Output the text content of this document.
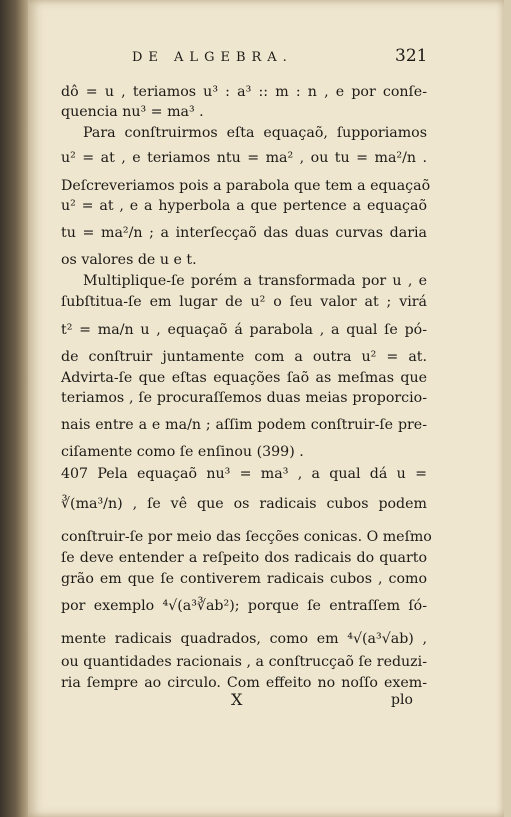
DE ALGEBRA.	321
dô = u , teriamos u³ : a³ :: m : n , e por conſe-
quencia nu³ = ma³ .
Para conſtruirmos eſta equaçaõ, ſupporiamos
u² = at , e teriamos ntu = ma² , ou tu = ma²/n .
Deſcreveriamos pois a parabola que tem a equaçaõ
u² = at , e a hyperbola a que pertence a equaçaõ
tu = ma²/n ; a interſecçaõ das duas curvas daria
os valores de u e t.
Multiplique-ſe porém a transformada por u , e
ſubſtitua-ſe em lugar de u² o ſeu valor at ; virá
t² = ma/n u , equaçaõ á parabola , a qual ſe pó-
de conſtruir juntamente com a outra u² = at.
Advirta-ſe que eſtas equações ſaõ as meſmas que
teriamos , ſe procuraſſemos duas meias proporcio-
nais entre a e ma/n ; aſſim podem conſtruir-ſe pre-
ciſamente como ſe enſinou (399) .
407 Pela equaçaõ nu³ = ma³ , a qual dá u =
∛(ma³/n) , ſe vê que os radicais cubos podem
conſtruir-ſe por meio das ſecções conicas. O meſmo
ſe deve entender a reſpeito dos radicais do quarto
grão em que ſe contiverem radicais cubos , como
por exemplo ⁴√(a³∛ab²); porque ſe entraſſem ſó-
mente radicais quadrados, como em ⁴√(a³√ab) ,
ou quantidades racionais , a conſtrucçaõ ſe reduzi-
ria ſempre ao circulo. Com effeito no noſſo exem-
X	plo
